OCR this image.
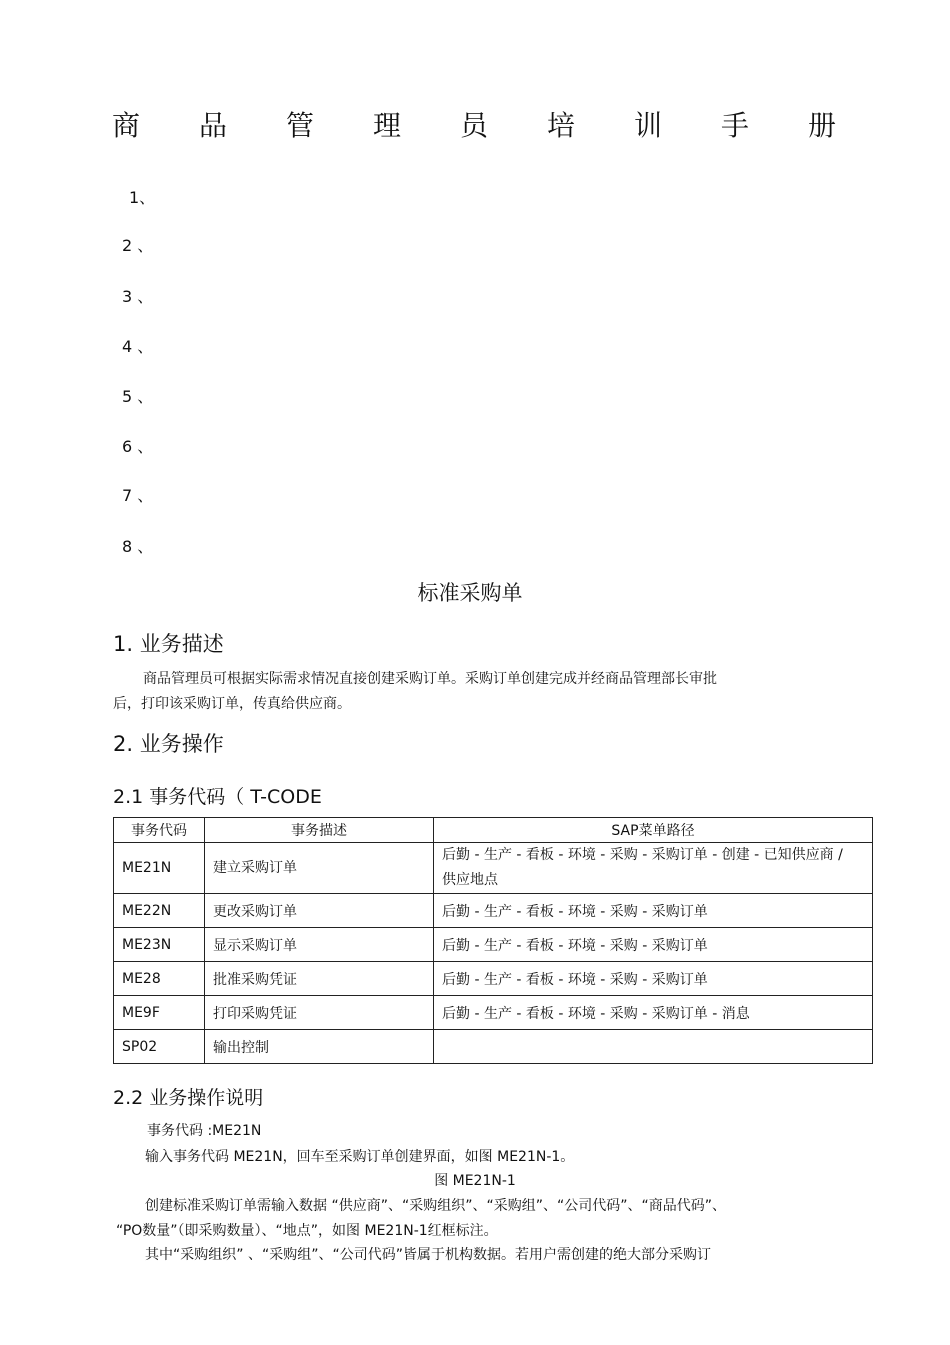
商 品 管 理 员 培 训 手 册
1、
2 、
3 、
4 、
5 、
6 、
7 、
8 、
标准采购单
1. 业务描述
商品管理员可根据实际需求情况直接创建采购订单。采购订单创建完成并经商品管理部长审批
后，打印该采购订单，传真给供应商。
2. 业务操作
2.1 事务代码（ T-CODE
事务代码	事务描述	SAP菜单路径
ME21N	建立采购订单	后勤 - 生产 - 看板 - 环境 - 采购 - 采购订单 - 创建 - 已知供应商 /
供应地点

ME22N	更改采购订单	后勤 - 生产 - 看板 - 环境 - 采购 - 采购订单
ME23N	显示采购订单	后勤 - 生产 - 看板 - 环境 - 采购 - 采购订单
ME28	批准采购凭证	后勤 - 生产 - 看板 - 环境 - 采购 - 采购订单
ME9F	打印采购凭证	后勤 - 生产 - 看板 - 环境 - 采购 - 采购订单 - 消息
SP02	输出控制	
2.2 业务操作说明
事务代码 :ME21N
输入事务代码 ME21N，回车至采购订单创建界面，如图 ME21N-1。
图 ME21N-1
创建标准采购订单需输入数据 “供应商”、“采购组织”、“采购组”、“公司代码”、“商品代码”、
“PO数量”（即采购数量）、“地点”，如图 ME21N-1红框标注。
其中“采购组织” 、“采购组”、“公司代码”皆属于机构数据。若用户需创建的绝大部分采购订
